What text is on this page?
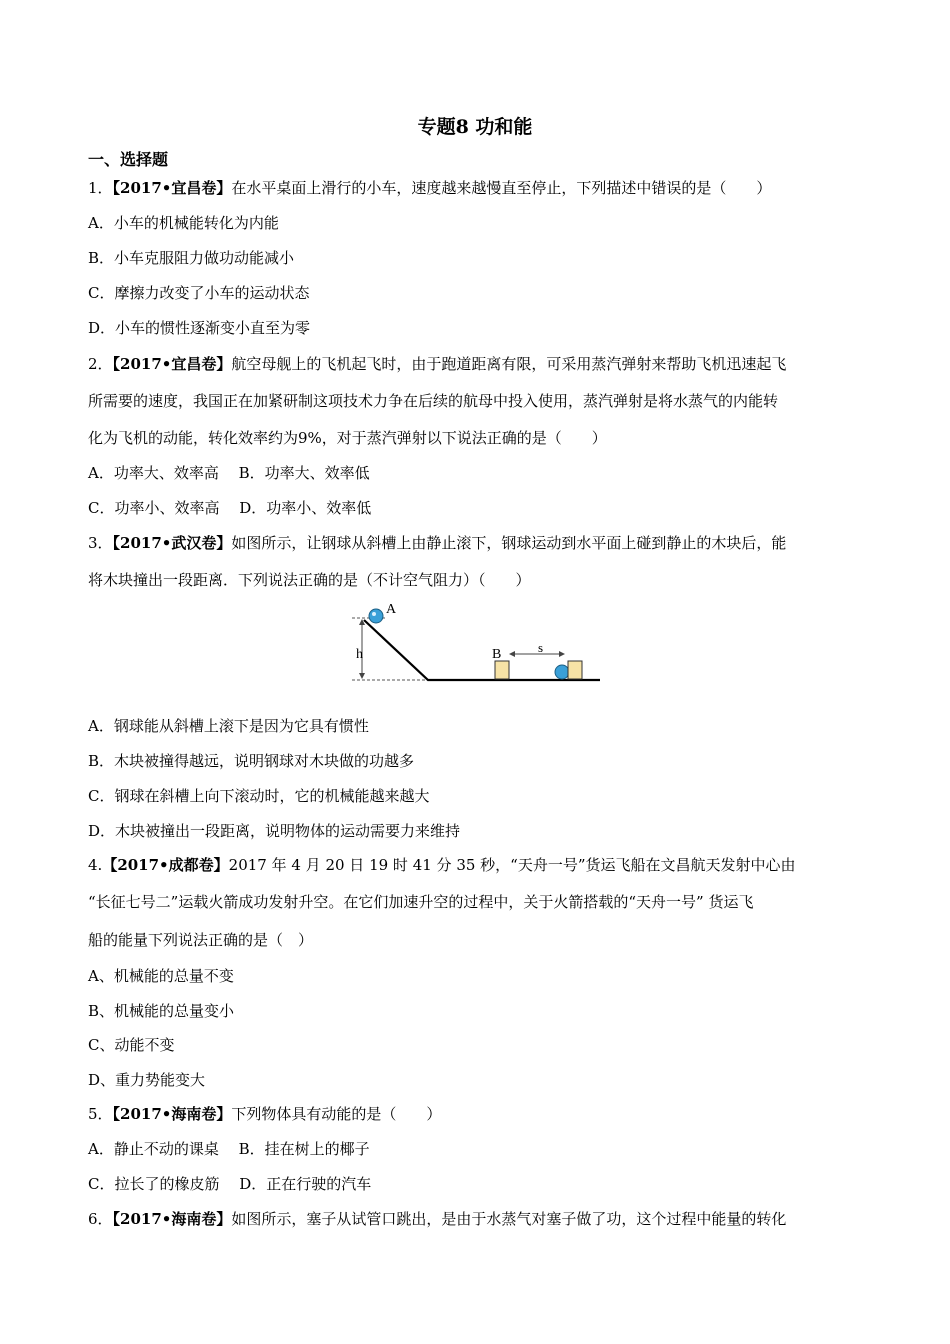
专题8 功和能
一、选择题
1．【2017•宜昌卷】在水平桌面上滑行的小车，速度越来越慢直至停止，下列描述中错误的是（　　）
A．小车的机械能转化为内能
B．小车克服阻力做功动能减小
C．摩擦力改变了小车的运动状态
D．小车的惯性逐渐变小直至为零
2．【2017•宜昌卷】航空母舰上的飞机起飞时，由于跑道距离有限，可采用蒸汽弹射来帮助飞机迅速起飞
所需要的速度，我国正在加紧研制这项技术力争在后续的航母中投入使用，蒸汽弹射是将水蒸气的内能转
化为飞机的动能，转化效率约为9%，对于蒸汽弹射以下说法正确的是（　　）
A．功率大、效率高　 B．功率大、效率低
C．功率小、效率高　 D．功率小、效率低
3．【2017•武汉卷】如图所示，让钢球从斜槽上由静止滚下，钢球运动到水平面上碰到静止的木块后，能
将木块撞出一段距离．下列说法正确的是（不计空气阻力）（　　）
h
A
B	s
A．钢球能从斜槽上滚下是因为它具有惯性
B．木块被撞得越远，说明钢球对木块做的功越多
C．钢球在斜槽上向下滚动时，它的机械能越来越大
D．木块被撞出一段距离，说明物体的运动需要力来维持
4.【2017•成都卷】2017 年 4 月 20 日 19 时 41 分 35 秒，“天舟一号”货运飞船在文昌航天发射中心由
“长征七号二”运载火箭成功发射升空。在它们加速升空的过程中，关于火箭搭载的“天舟一号” 货运飞
船的能量下列说法正确的是（　）
A、机械能的总量不变
B、机械能的总量变小
C、动能不变
D、重力势能变大
5．【2017•海南卷】下列物体具有动能的是（　　）
A．静止不动的课桌　 B．挂在树上的椰子
C．拉长了的橡皮筋　 D．正在行驶的汽车
6．【2017•海南卷】如图所示，塞子从试管口跳出，是由于水蒸气对塞子做了功，这个过程中能量的转化
